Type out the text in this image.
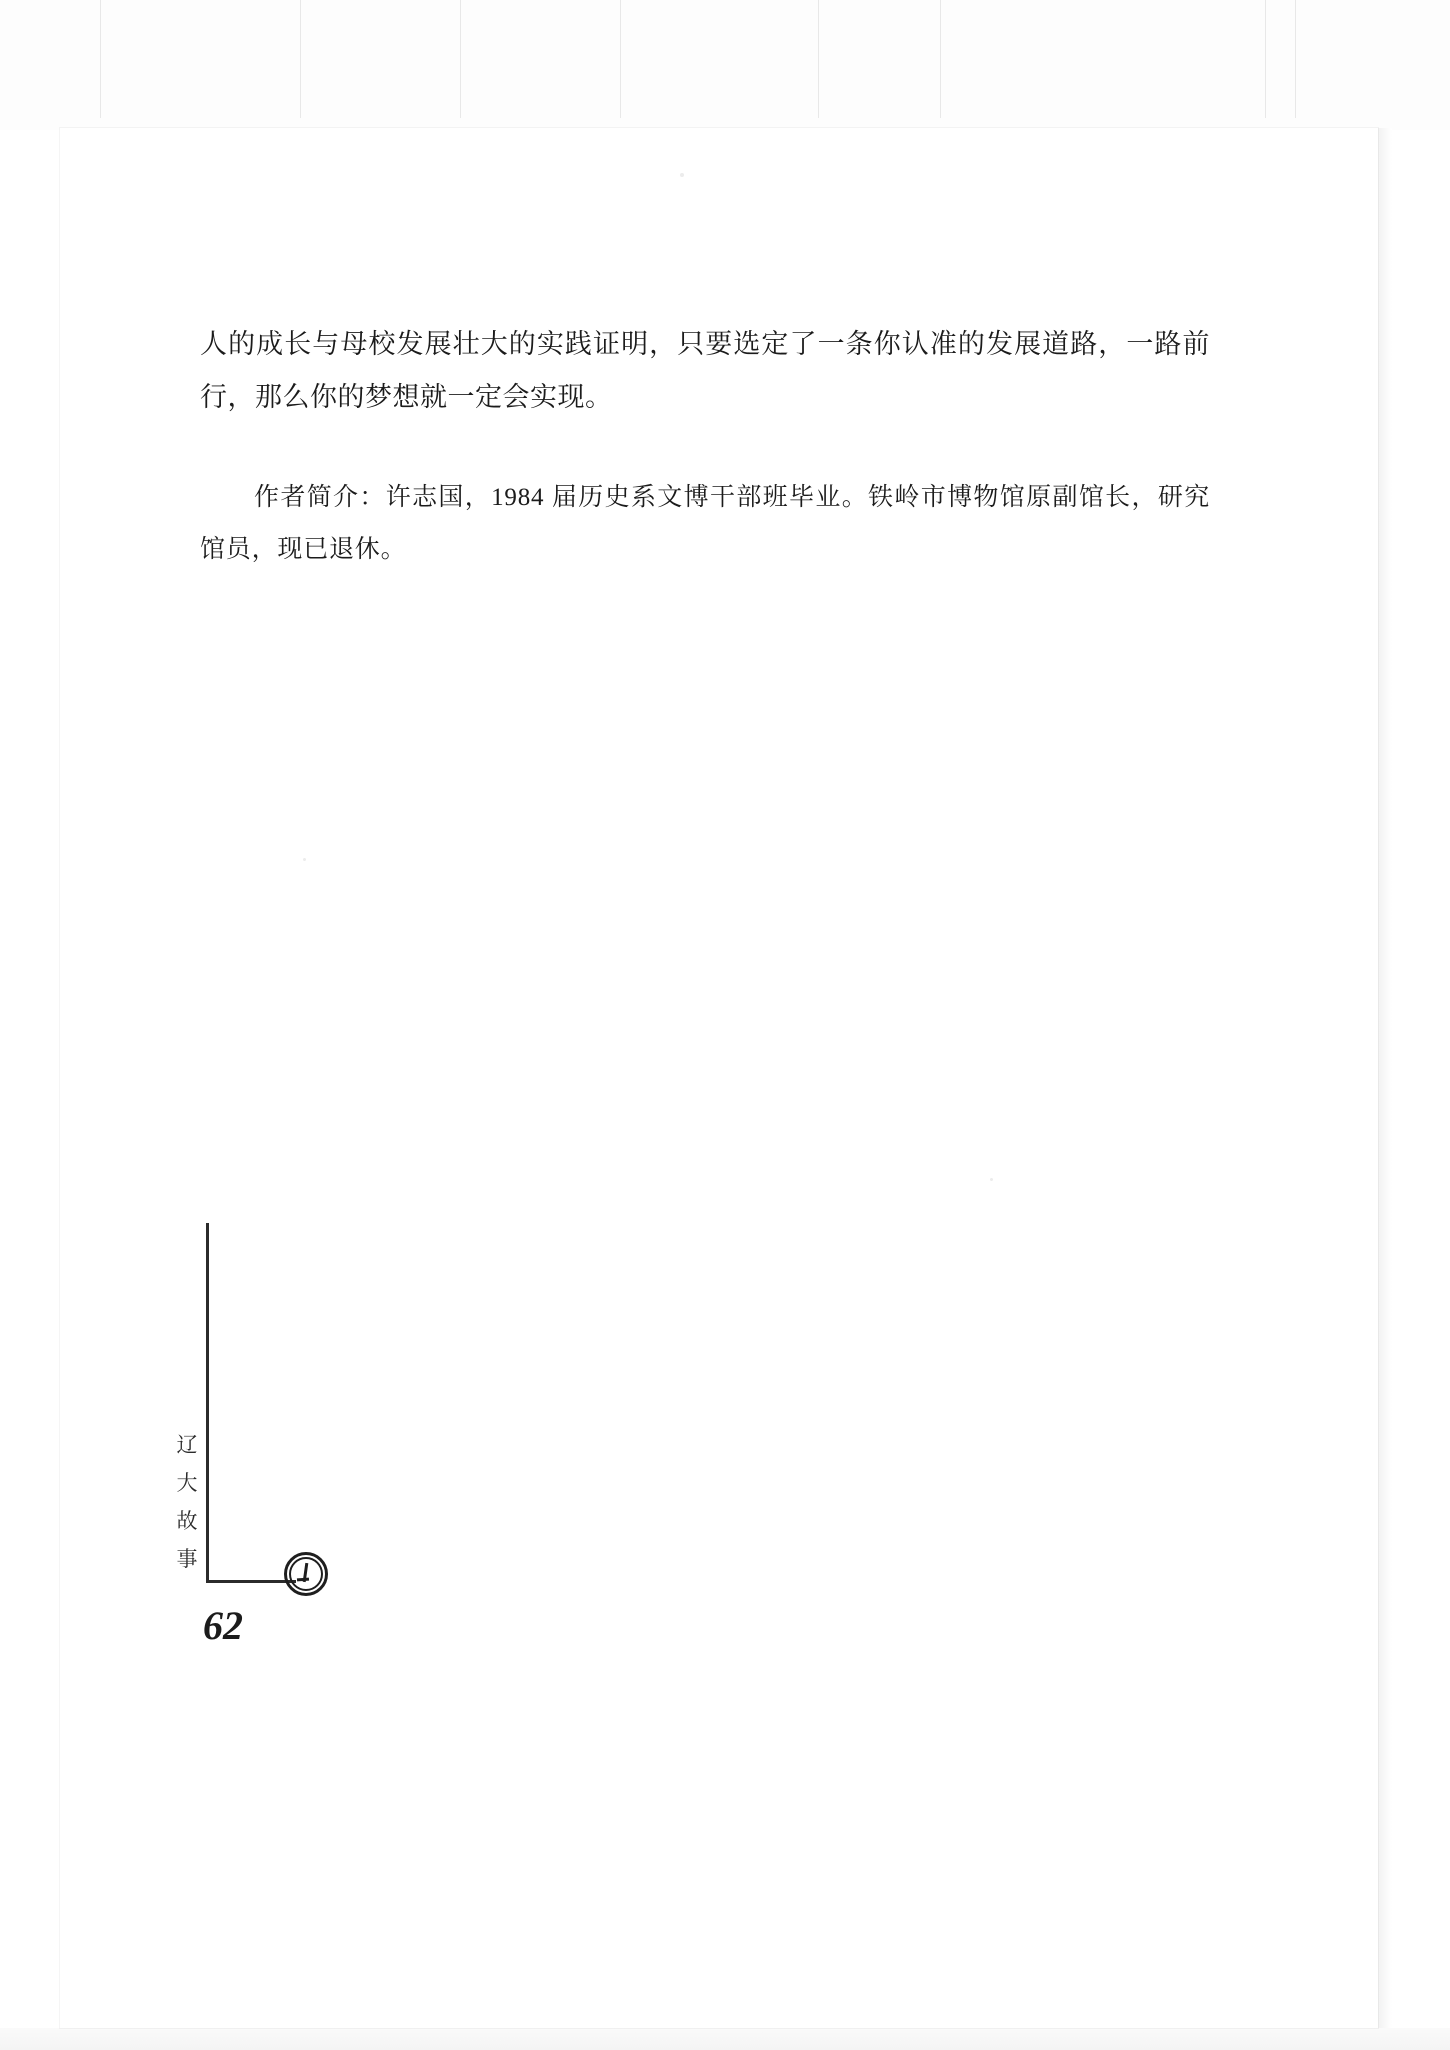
人的成长与母校发展壮大的实践证明，只要选定了一条你认准的发展道路，一路前行，那么你的梦想就一定会实现。
作者简介：许志国，1984 届历史系文博干部班毕业。铁岭市博物馆原副馆长，研究馆员，现已退休。
辽
大
故
事
62
